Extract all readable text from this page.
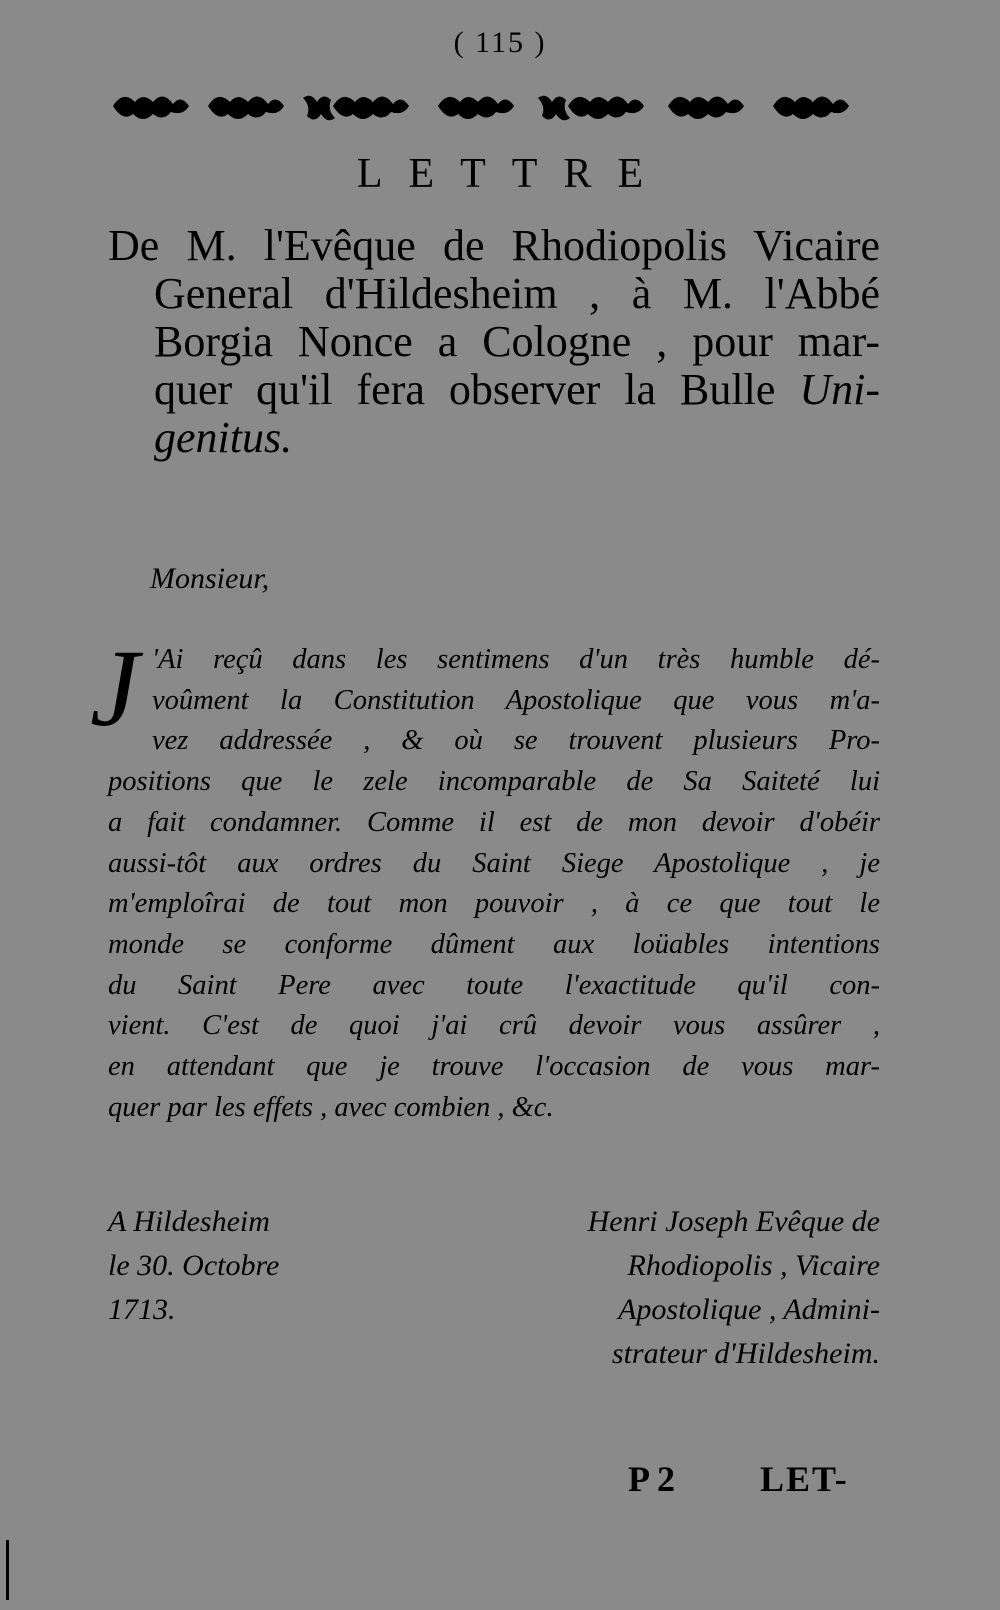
( 115 )
LETTRE
De M. l'Evêque de Rhodiopolis Vicaire
General d'Hildesheim , à M. l'Abbé
Borgia Nonce a Cologne , pour mar-
quer qu'il fera observer la Bulle Uni-
genitus.
Monsieur,
J 'Ai reçû dans les sentimens d'un très humble dé-
voûment la Constitution Apostolique que vous m'a-
vez addressée , & où se trouvent plusieurs Pro-
positions que le zele incomparable de Sa Saiteté lui
a fait condamner. Comme il est de mon devoir d'obéir
aussi-tôt aux ordres du Saint Siege Apostolique , je
m'emploîrai de tout mon pouvoir , à ce que tout le
monde se conforme dûment aux loüables intentions
du Saint Pere avec toute l'exactitude qu'il con-
vient. C'est de quoi j'ai crû devoir vous assûrer ,
en attendant que je trouve l'occasion de vous mar-
quer par les effets , avec combien , &c.
A Hildesheim
le 30. Octobre
1713.
Henri Joseph Evêque de
Rhodiopolis , Vicaire
Apostolique , Admini-
strateur d'Hildesheim.
P 2 LET-
